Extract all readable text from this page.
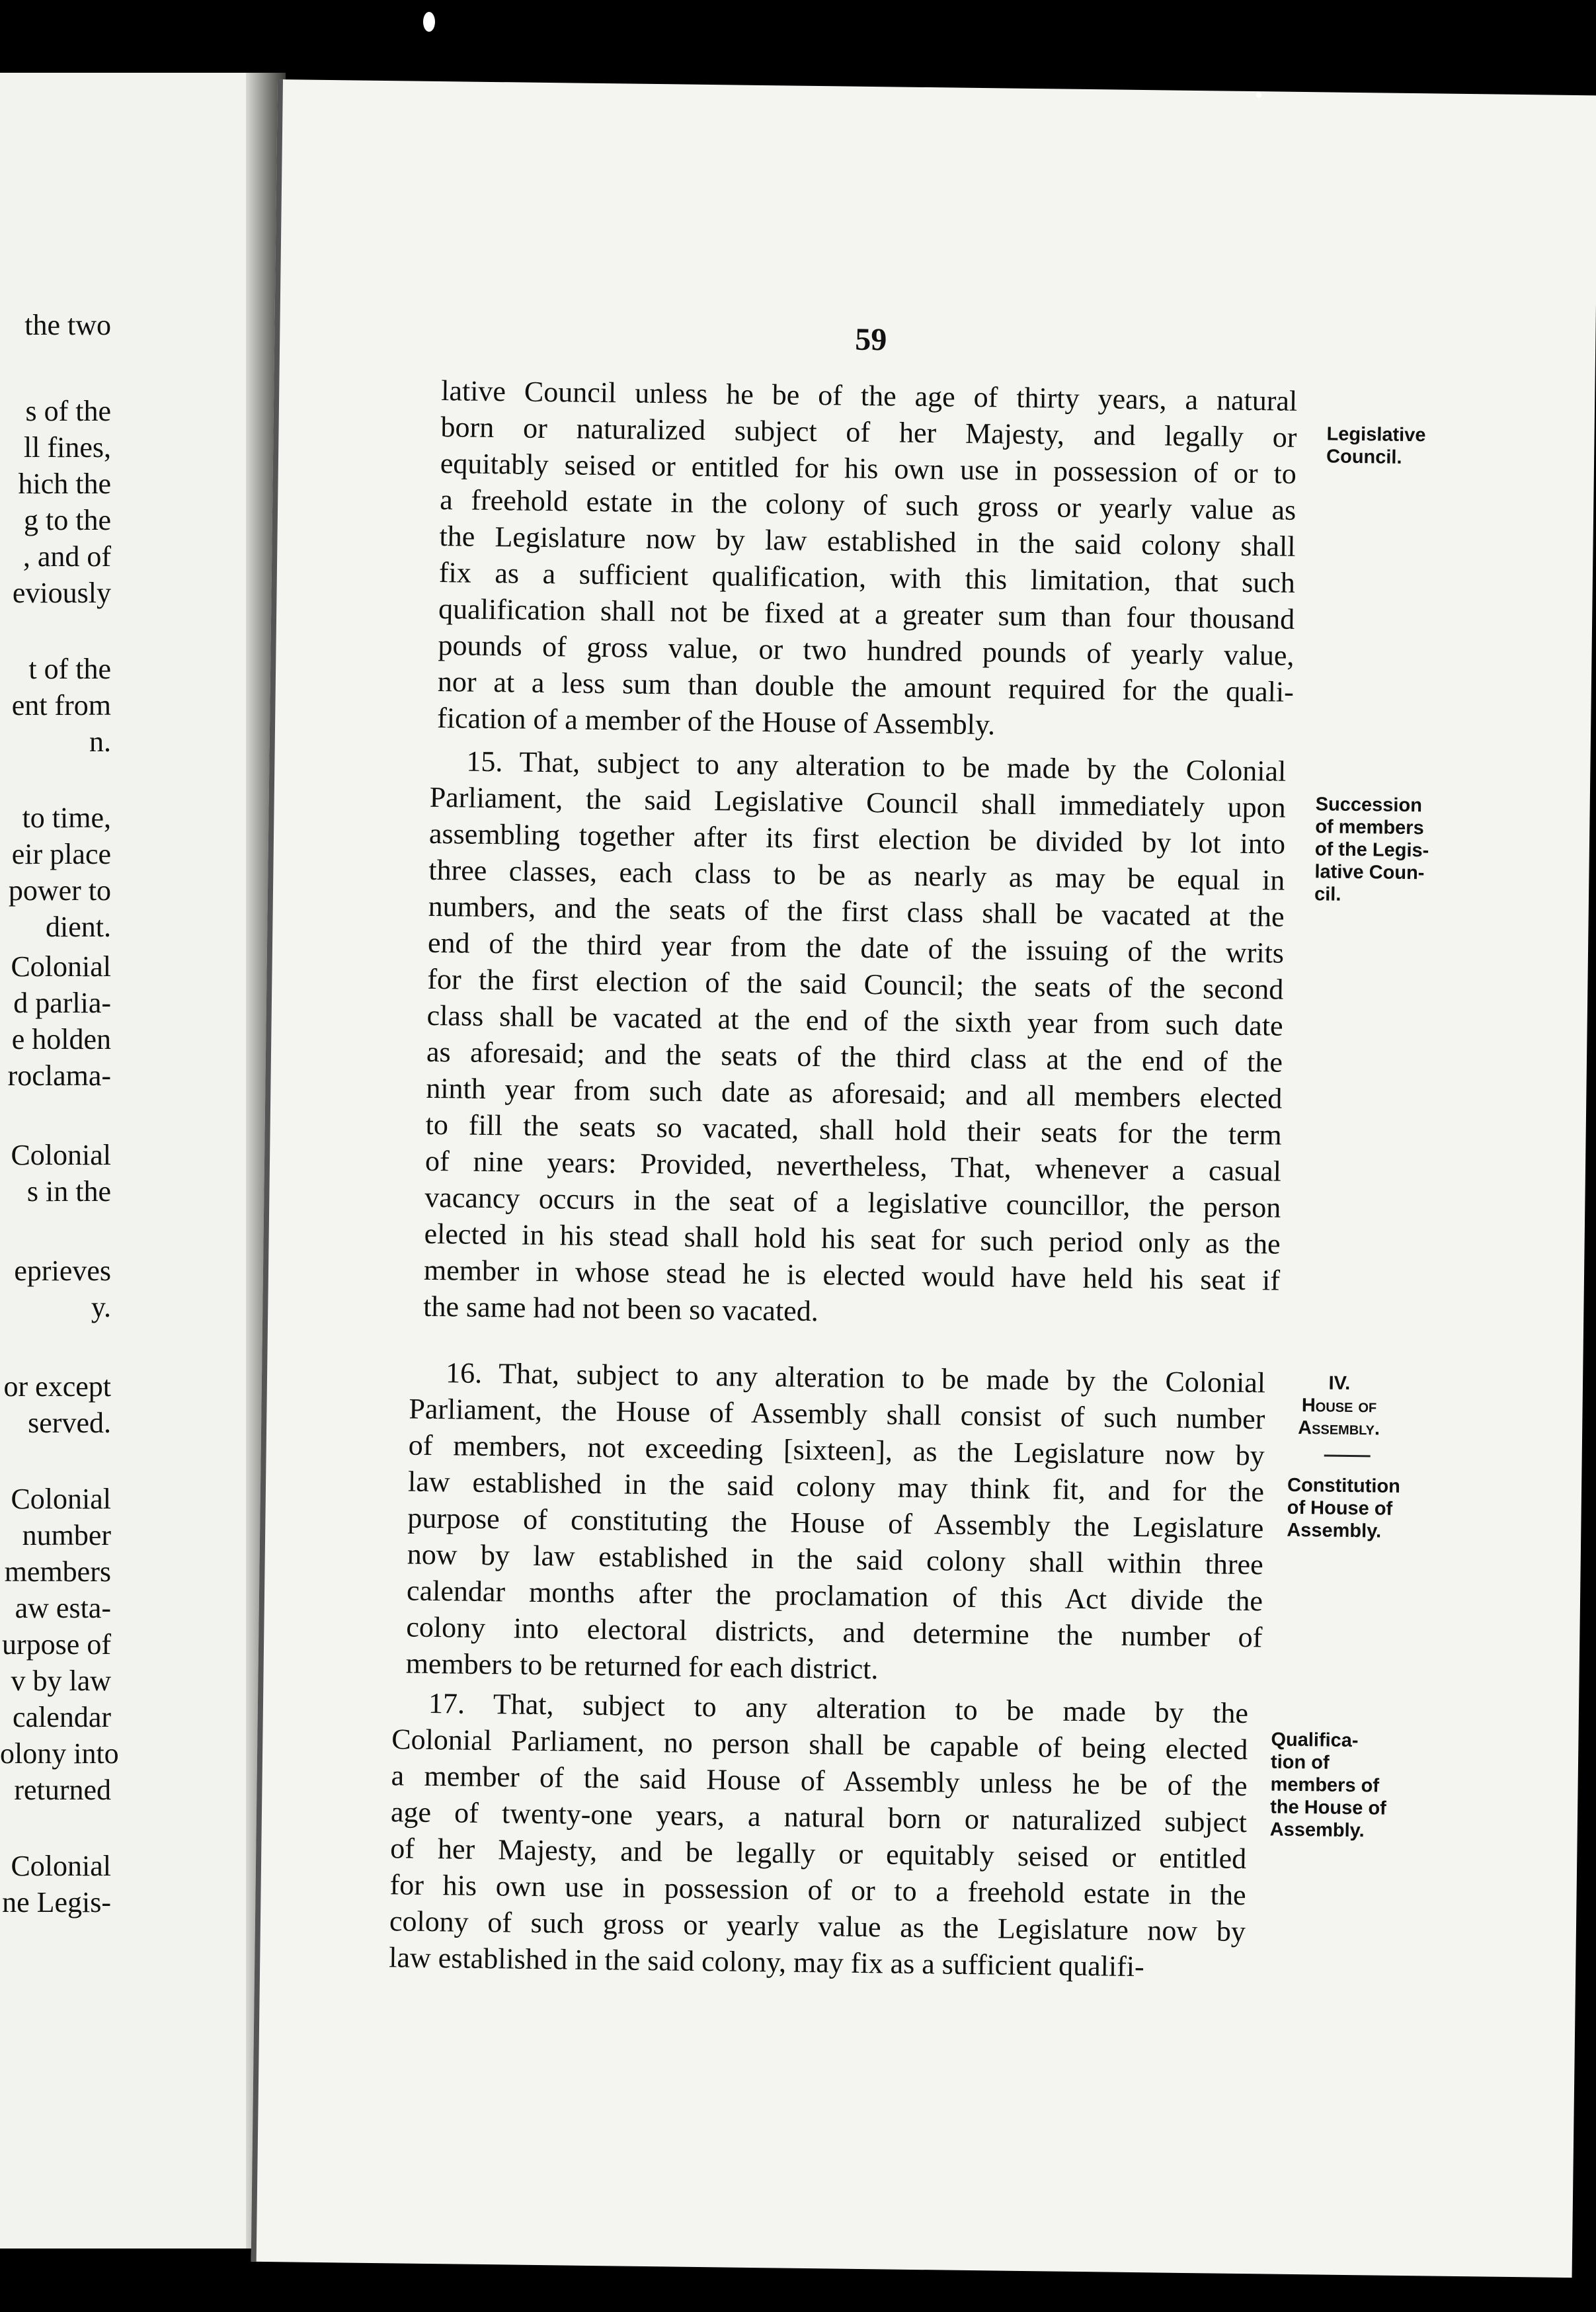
the two
s of the
ll fines,
hich the
g to the
, and of
eviously
t of the
ent from
n.
to time,
eir place
power to
dient.
Colonial
d parlia-
e holden
roclama-
Colonial
s in the
eprieves
y.
or except
served.
Colonial
number
members
aw esta-
urpose of
v by law
calendar
olony into
returned
Colonial
ne Legis-
59
lative Council unless he be of the age of thirty years, a natural
born or naturalized subject of her Majesty, and legally or
equitably seised or entitled for his own use in possession of or to
a freehold estate in the colony of such gross or yearly value as
the Legislature now by law established in the said colony shall
fix as a sufficient qualification, with this limitation, that such
qualification shall not be fixed at a greater sum than four thousand
pounds of gross value, or two hundred pounds of yearly value,
nor at a less sum than double the amount required for the quali-
fication of a member of the House of Assembly.
15. That, subject to any alteration to be made by the Colonial
Parliament, the said Legislative Council shall immediately upon
assembling together after its first election be divided by lot into
three classes, each class to be as nearly as may be equal in
numbers, and the seats of the first class shall be vacated at the
end of the third year from the date of the issuing of the writs
for the first election of the said Council; the seats of the second
class shall be vacated at the end of the sixth year from such date
as aforesaid; and the seats of the third class at the end of the
ninth year from such date as aforesaid; and all members elected
to fill the seats so vacated, shall hold their seats for the term
of nine years: Provided, nevertheless, That, whenever a casual
vacancy occurs in the seat of a legislative councillor, the person
elected in his stead shall hold his seat for such period only as the
member in whose stead he is elected would have held his seat if
the same had not been so vacated.
16. That, subject to any alteration to be made by the Colonial
Parliament, the House of Assembly shall consist of such number
of members, not exceeding [sixteen], as the Legislature now by
law established in the said colony may think fit, and for the
purpose of constituting the House of Assembly the Legislature
now by law established in the said colony shall within three
calendar months after the proclamation of this Act divide the
colony into electoral districts, and determine the number of
members to be returned for each district.
17. That, subject to any alteration to be made by the
Colonial Parliament, no person shall be capable of being elected
a member of the said House of Assembly unless he be of the
age of twenty-one years, a natural born or naturalized subject
of her Majesty, and be legally or equitably seised or entitled
for his own use in possession of or to a freehold estate in the
colony of such gross or yearly value as the Legislature now by
law established in the said colony, may fix as a sufficient qualifi-
Legislative
Council.
Succession
of members
of the Legis-
lative Coun-
cil.
IV.
House of
Assembly.
Constitution
of House of
Assembly.
Qualifica-
tion of
members of
the House of
Assembly.
